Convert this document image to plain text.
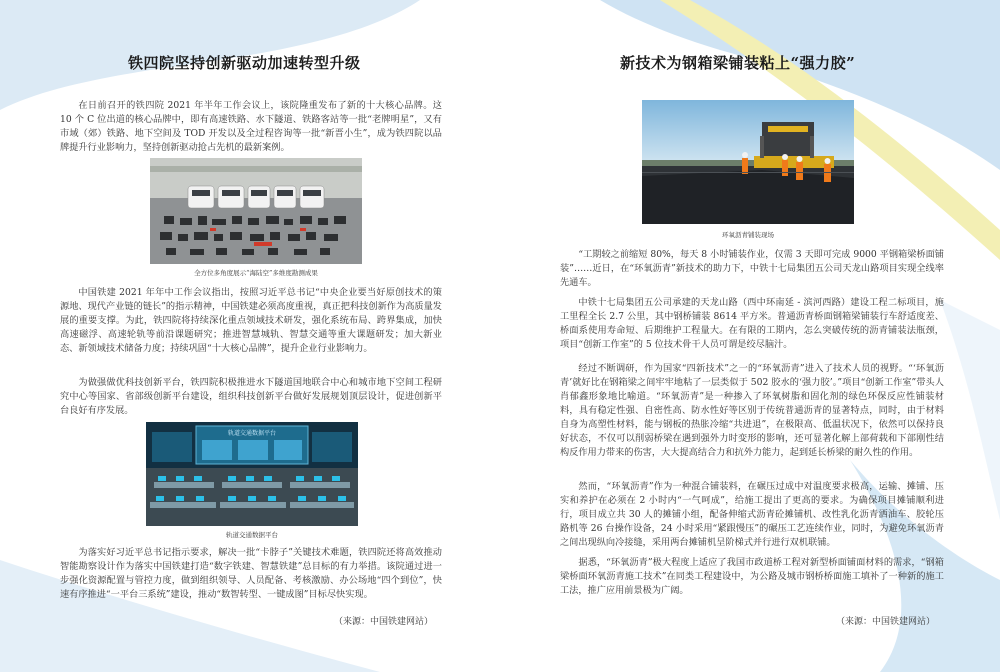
铁四院坚持创新驱动加速转型升级

在日前召开的铁四院 2021 年半年工作会议上，该院隆重发布了新的十大核心品牌。这 10 个 C 位出道的核心品牌中，即有高速铁路、水下隧道、铁路客站等一批“老牌明星”，又有市域（郊）铁路、地下空间及 TOD 开发以及全过程咨询等一批“新晋小生”，成为铁四院以品牌提升行业影响力，坚持创新驱动抢占先机的最新案例。

全方位多角度展示“海陆空”多维度勘测成果

中国铁建 2021 年年中工作会议指出，按照习近平总书记“中央企业要当好原创技术的策源地、现代产业链的链长”的指示精神，中国铁建必须高度重视，真正把科技创新作为高质量发展的重要支撑。为此，铁四院将持续深化重点领域技术研发，强化系统布局、跨界集成，加快高速磁浮、高速轮轨等前沿课题研究；推进智慧城轨、智慧交通等重大课题研发；加大新业态、新领域技术储备力度；持续巩固“十大核心品牌”，提升企业行业影响力。

为做强做优科技创新平台，铁四院积极推进水下隧道国地联合中心和城市地下空间工程研究中心等国家、省部级创新平台建设，组织科技创新平台做好发展规划顶层设计，促进创新平台良好有序发展。

轨道交通数据平台
轨道交通数据平台

为落实好习近平总书记指示要求，解决一批“卡脖子”关键技术难题，铁四院还将高效推动智能勘察设计作为落实中国铁建打造“数字铁建、智慧铁建”总目标的有力举措。该院通过进一步强化资源配置与管控力度，做到组织领导、人员配备、考核激励、办公场地“四个到位”，快速有序推进“一平台三系统”建设，推动“数智转型、一键成图”目标尽快实现。

（来源：中国铁建网站）
新技术为钢箱梁铺装粘上“强力胶”
环氧沥青铺装现场

“工期较之前缩短 80%，每天 8 小时铺装作业，仅需 3 天即可完成 9000 平钢箱梁桥面铺装”……近日，在“环氧沥青”新技术的助力下，中铁十七局集团五公司天龙山路项目实现全线率先通车。

中铁十七局集团五公司承建的天龙山路（西中环南延 - 滨河西路）建设工程二标项目，施工里程全长 2.7 公里，其中钢桥铺装 8614 平方米。普通沥青桥面钢箱梁铺装行车舒适度差、桥面系使用寿命短、后期维护工程量大。在有限的工期内，怎么突破传统的沥青铺装法瓶颈，项目“创新工作室”的 5 位技术骨干人员可谓是绞尽脑汁。

经过不断调研，作为国家“四新技术”之一的“环氧沥青”进入了技术人员的视野。“‘环氧沥青’就好比在钢箱梁之间牢牢地粘了一层类似于 502 胶水的‘强力胶’。”项目“创新工作室”带头人肖郁鑫形象地比喻道。“环氧沥青”是一种掺入了环氧树脂和固化剂的绿色环保反应性铺装材料，具有稳定性强、自密性高、防水性好等区别于传统普通沥青的显著特点，同时，由于材料自身为高塑性材料，能与钢板的热胀冷缩“共进退”，在极限高、低温状况下，依然可以保持良好状态，不仅可以削弱桥梁在遇到强外力时变形的影响，还可显著化解上部荷载和下部刚性结构反作用力带来的伤害，大大提高结合力和抗外力能力，起到延长桥梁的耐久性的作用。

然而，“环氧沥青”作为一种混合铺装料，在碾压过成中对温度要求极高，运输、摊铺、压实和养护在必须在 2 小时内“一气呵成”，给施工提出了更高的要求。为确保项目摊铺顺利进行，项目成立共 30 人的摊铺小组，配备伸缩式沥青砼摊铺机、改性乳化沥青洒油车、胶轮压路机等 26 台操作设备，24 小时采用“紧跟慢压”的碾压工艺连续作业，同时，为避免环氧沥青之间出现纵向冷接缝，采用两台摊铺机呈阶梯式并行进行双机联铺。

据悉，“环氧沥青”极大程度上适应了我国市政道桥工程对新型桥面铺面材料的需求，“钢箱梁桥面环氧沥青施工技术”在同类工程建设中，为公路及城市钢桥桥面施工填补了一种新的施工工法，推广应用前景极为广阔。

（来源：中国铁建网站）
